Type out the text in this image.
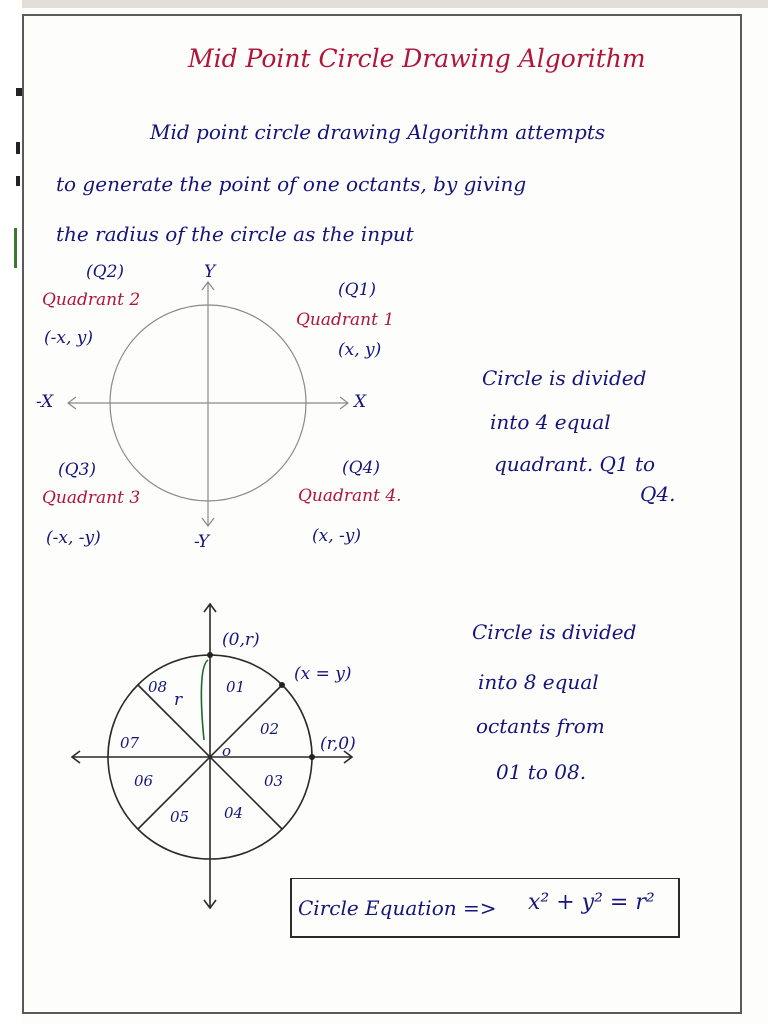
Mid Point Circle Drawing Algorithm
Mid point circle drawing Algorithm attempts
to generate the point of one octants, by giving
the radius of the circle as the input
Y
-Y
X
-X
(Q2)
Quadrant 2
(-x, y)
(Q1)
Quadrant 1
(x, y)
(Q3)
Quadrant 3
(-x, -y)
(Q4)
Quadrant 4.
(x, -y)
Circle is divided
into 4 equal
quadrant. Q1 to
Q4.
(0,r)
(x = y)
(r,0)
r
o
01
02
03
04
05
06
07
08
Circle is divided
into 8 equal
octants from
01 to 08.
Circle Equation => x² + y² = r²
